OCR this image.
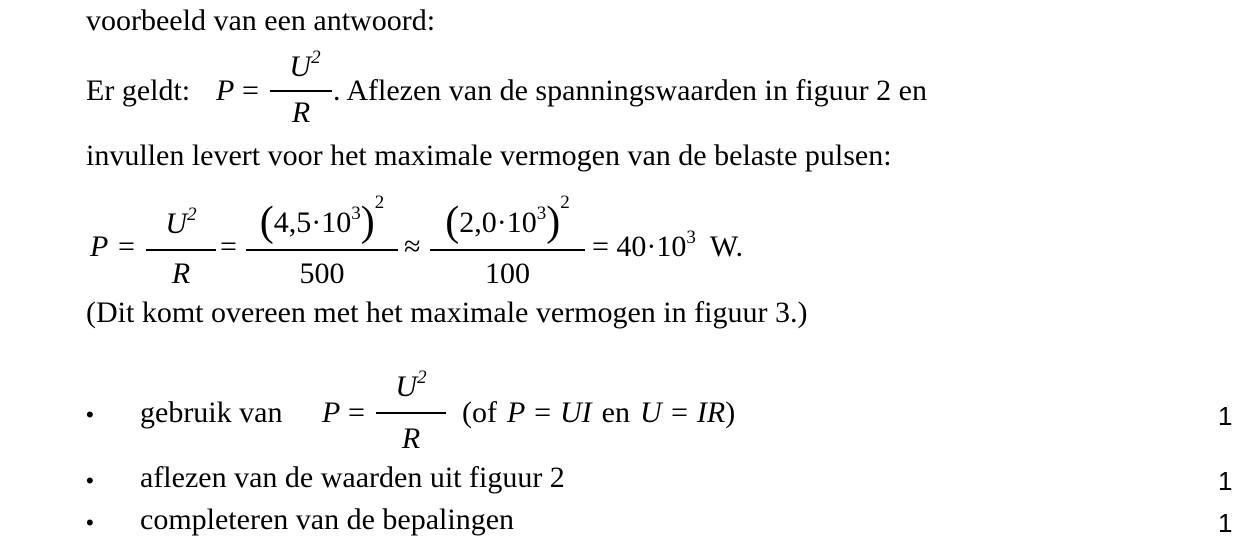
voorbeeld van een antwoord:
Er geldt: P =
$U^2$
R
. Aflezen van de spanningswaarden in figuur 2 en
invullen levert voor het maximale vermogen van de belaste pulsen:
P =
$U^2$
R
=
$(4,5\cdot 10^3)^2$
500
≈
$(2,0\cdot 10^3)^2$
100
= $40\cdot 10^3$ W.
(Dit komt overeen met het maximale vermogen in figuur 3.)
• gebruik van P =
$U^2$
R
(of P = UI en U = IR)	1
• aflezen van de waarden uit figuur 2	1
• completeren van de bepalingen	1
